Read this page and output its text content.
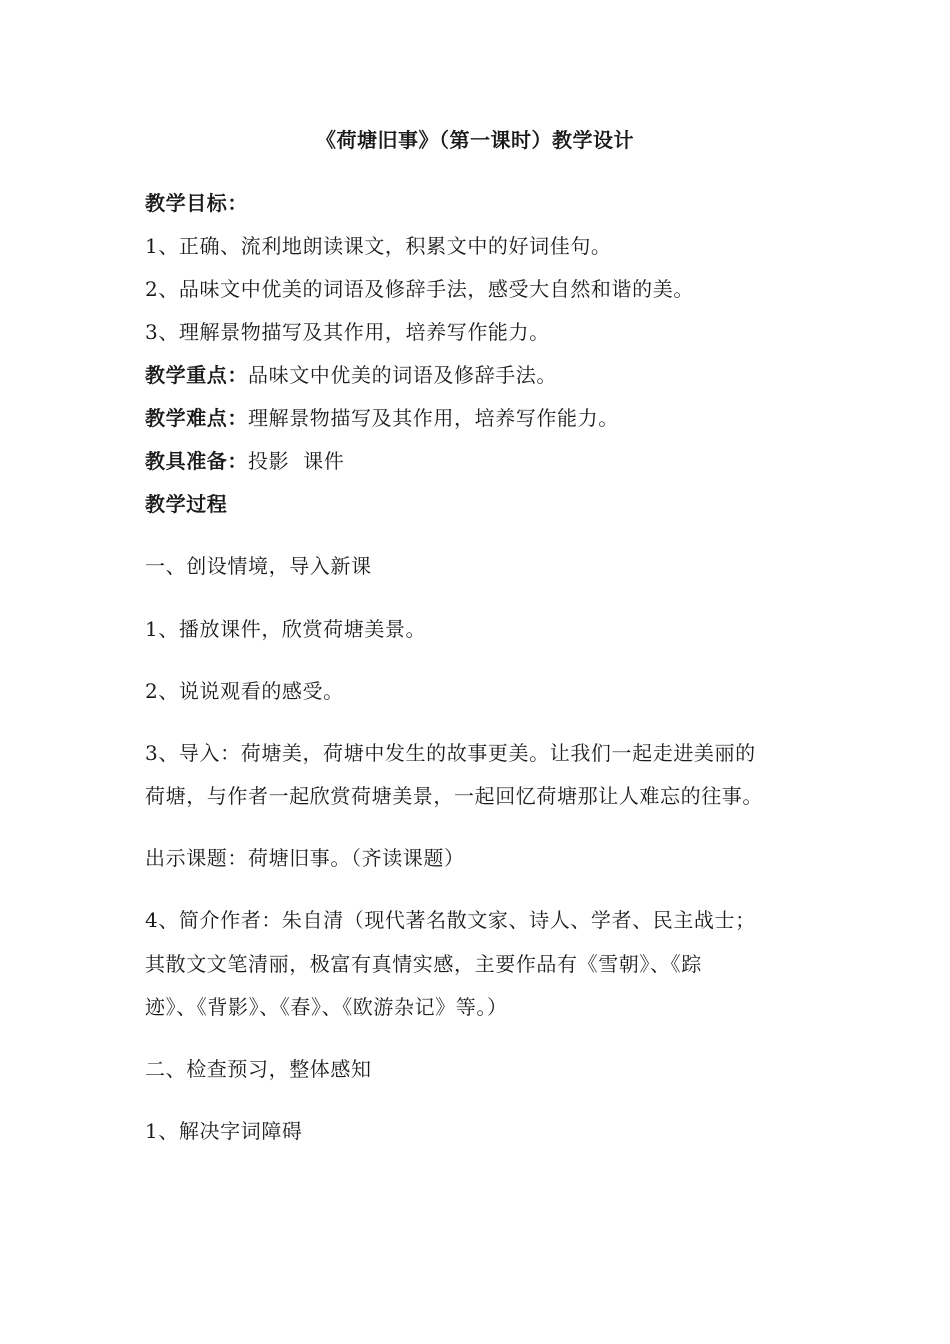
《荷塘旧事》（第一课时）教学设计
教学目标：
1、正确、流利地朗读课文，积累文中的好词佳句。
2、品味文中优美的词语及修辞手法，感受大自然和谐的美。
3、理解景物描写及其作用，培养写作能力。
教学重点：品味文中优美的词语及修辞手法。
教学难点：理解景物描写及其作用，培养写作能力。
教具准备：投影  课件
教学过程
一、创设情境，导入新课
1、播放课件，欣赏荷塘美景。
2、说说观看的感受。
3、导入：荷塘美，荷塘中发生的故事更美。让我们一起走进美丽的
荷塘，与作者一起欣赏荷塘美景，一起回忆荷塘那让人难忘的往事。
出示课题：荷塘旧事。（齐读课题）
4、简介作者：朱自清（现代著名散文家、诗人、学者、民主战士；
其散文文笔清丽，极富有真情实感，主要作品有《雪朝》、《踪
迹》、《背影》、《春》、《欧游杂记》等。）
二、检查预习，整体感知
1、解决字词障碍
